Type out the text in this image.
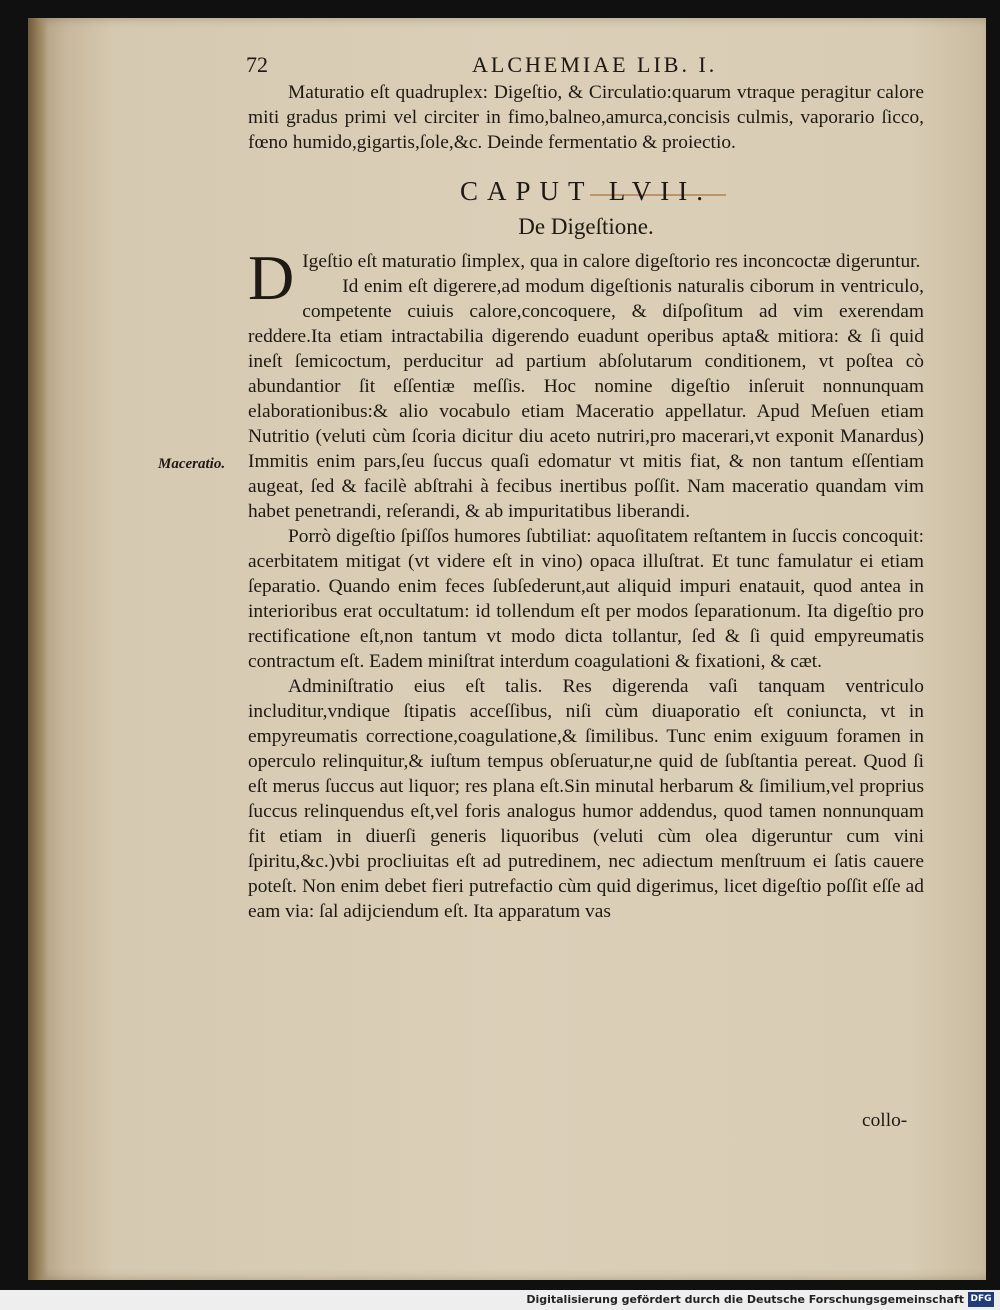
72	ALCHEMIAE LIB. I.
Maceratio.

Maturatio eſt quadruplex: Digeſtio, & Circulatio:quarum vtraque peragitur calore miti gradus primi vel circiter in fimo,balneo,amurca,concisis culmis, vaporario ſicco, fœno humido,gigartis,ſole,&c. Deinde fermentatio & proiectio.

CAPUT LVII.
De Digeſtione.

D Igeſtio eſt maturatio ſimplex, qua in calore digeſtorio res inconcoctæ digeruntur.

Id enim eſt digerere,ad modum digeſtionis naturalis ciborum in ventriculo, competente cuiuis calore,concoquere, & diſpoſitum ad vim exerendam reddere.Ita etiam intractabilia digerendo euadunt operibus apta& mitiora: & ſi quid ineſt ſemicoctum, perducitur ad partium abſolutarum conditionem, vt poſtea cò abundantior ſit eſſentiæ meſſis. Hoc nomine digeſtio inſeruit nonnunquam elaborationibus:& alio vocabulo etiam Maceratio appellatur. Apud Meſuen etiam Nutritio (veluti cùm ſcoria dicitur diu aceto nutriri,pro macerari,vt exponit Manardus) Immitis enim pars,ſeu ſuccus quaſi edomatur vt mitis fiat, & non tantum eſſentiam augeat, ſed & facilè abſtrahi à fecibus inertibus poſſit. Nam maceratio quandam vim habet penetrandi, reſerandi, & ab impuritatibus liberandi.

Porrò digeſtio ſpiſſos humores ſubtiliat: aquoſitatem reſtantem in ſuccis concoquit: acerbitatem mitigat (vt videre eſt in vino) opaca illuſtrat. Et tunc famulatur ei etiam ſeparatio. Quando enim feces ſubſederunt,aut aliquid impuri enatauit, quod antea in interioribus erat occultatum: id tollendum eſt per modos ſeparationum. Ita digeſtio pro rectificatione eſt,non tantum vt modo dicta tollantur, ſed & ſi quid empyreumatis contractum eſt. Eadem miniſtrat interdum coagulationi & fixationi, & cæt.

Adminiſtratio eius eſt talis. Res digerenda vaſi tanquam ventriculo includitur,vndique ſtipatis acceſſibus, niſi cùm diuaporatio eſt coniuncta, vt in empyreumatis correctione,coagulatione,& ſimilibus. Tunc enim exiguum foramen in operculo relinquitur,& iuſtum tempus obſeruatur,ne quid de ſubſtantia pereat. Quod ſi eſt merus ſuccus aut liquor; res plana eſt.Sin minutal herbarum & ſimilium,vel proprius ſuccus relinquendus eſt,vel foris analogus humor addendus, quod tamen nonnunquam fit etiam in diuerſi generis liquoribus (veluti cùm olea digeruntur cum vini ſpiritu,&c.)vbi procliuitas eſt ad putredinem, nec adiectum menſtruum ei ſatis cauere poteſt. Non enim debet fieri putrefactio cùm quid digerimus, licet digeſtio poſſit eſſe ad eam via: ſal adijciendum eſt. Ita apparatum vas

collo-
Digitalisierung gefördert durch die Deutsche Forschungsgemeinschaft DFG
